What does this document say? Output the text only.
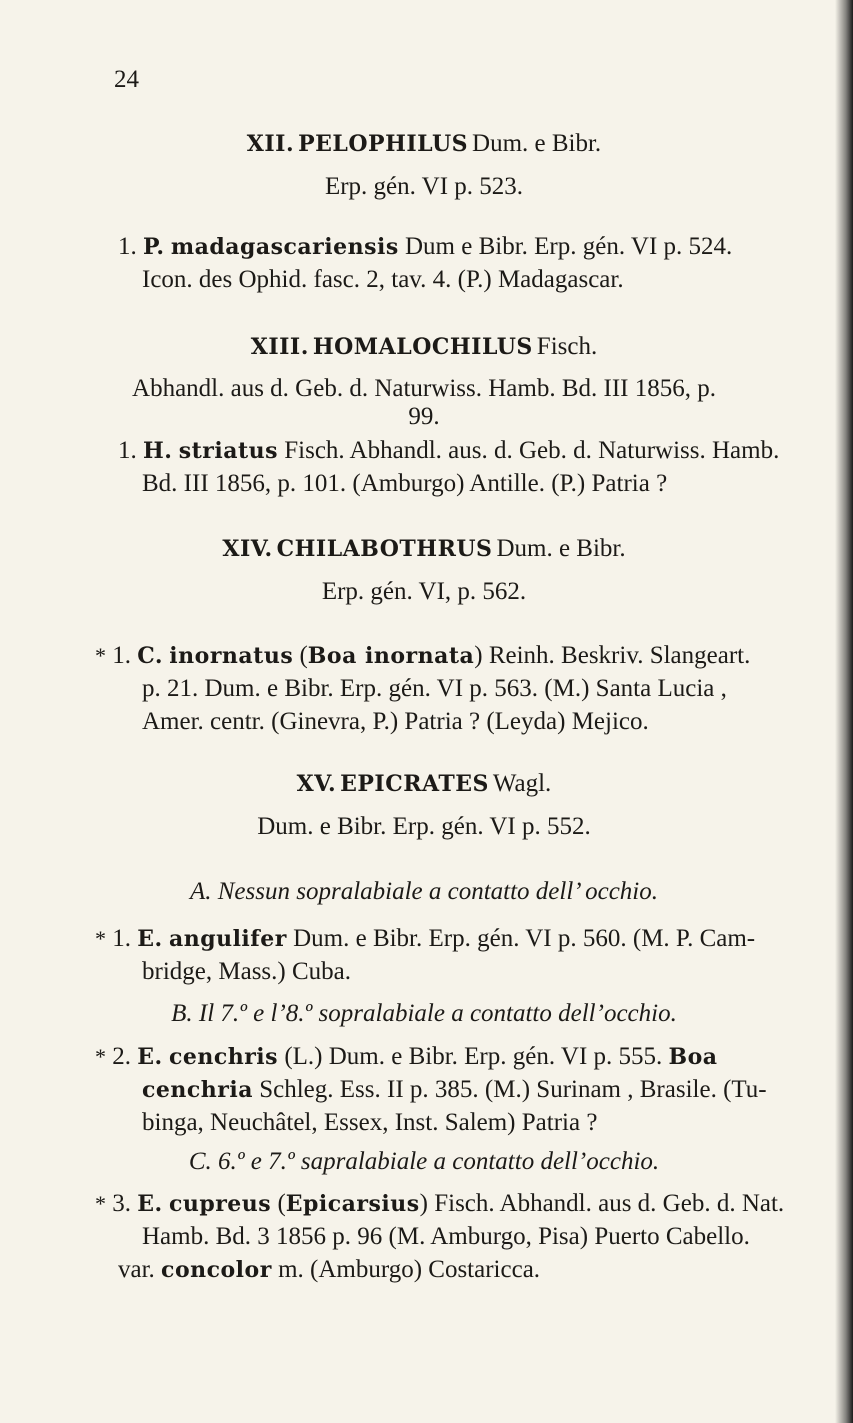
24
XII. PELOPHILUS Dum. e Bibr.
Erp. gén. VI p. 523.
1. P. madagascariensis Dum e Bibr. Erp. gén. VI p. 524.
Icon. des Ophid. fasc. 2, tav. 4. (P.) Madagascar.
XIII. HOMALOCHILUS Fisch.
Abhandl. aus d. Geb. d. Naturwiss. Hamb. Bd. III 1856, p. 99.
1. H. striatus Fisch. Abhandl. aus. d. Geb. d. Naturwiss. Hamb.
Bd. III 1856, p. 101. (Amburgo) Antille. (P.) Patria ?
XIV. CHILABOTHRUS Dum. e Bibr.
Erp. gén. VI, p. 562.
* 1. C. inornatus (Boa inornata) Reinh. Beskriv. Slangeart.
p. 21. Dum. e Bibr. Erp. gén. VI p. 563. (M.) Santa Lucia ,
Amer. centr. (Ginevra, P.) Patria ? (Leyda) Mejico.
XV. EPICRATES Wagl.
Dum. e Bibr. Erp. gén. VI p. 552.
A. Nessun sopralabiale a contatto dell’ occhio.
* 1. E. angulifer Dum. e Bibr. Erp. gén. VI p. 560. (M. P. Cam-
bridge, Mass.) Cuba.
B. Il 7.º e l’8.º sopralabiale a contatto dell’occhio.
* 2. E. cenchris (L.) Dum. e Bibr. Erp. gén. VI p. 555. Boa
cenchria Schleg. Ess. II p. 385. (M.) Surinam , Brasile. (Tu-
binga, Neuchâtel, Essex, Inst. Salem) Patria ?
C. 6.º e 7.º sapralabiale a contatto dell’occhio.
* 3. E. cupreus (Epicarsius) Fisch. Abhandl. aus d. Geb. d. Nat.
Hamb. Bd. 3 1856 p. 96 (M. Amburgo, Pisa) Puerto Cabello.
var. concolor m. (Amburgo) Costaricca.
